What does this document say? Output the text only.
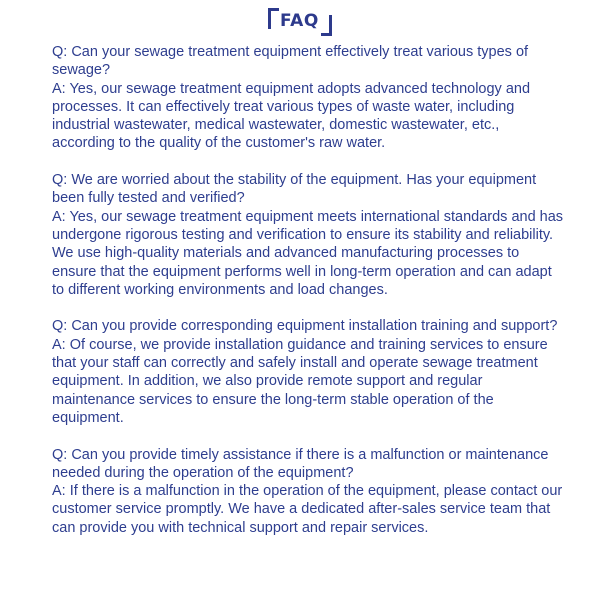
FAQ

Q: Can your sewage treatment equipment effectively treat various types of sewage?

A: Yes, our sewage treatment equipment adopts advanced technology and processes. It can effectively treat various types of waste water, including industrial wastewater, medical wastewater, domestic wastewater, etc., according to the quality of the customer's raw water.

Q: We are worried about the stability of the equipment. Has your equipment been fully tested and verified?

A: Yes, our sewage treatment equipment meets international standards and has undergone rigorous testing and verification to ensure its stability and reliability. We use high-quality materials and advanced manufacturing processes to ensure that the equipment performs well in long-term operation and can adapt to different working environments and load changes.

Q: Can you provide corresponding equipment installation training and support?

A: Of course, we provide installation guidance and training services to ensure that your staff can correctly and safely install and operate sewage treatment equipment. In addition, we also provide remote support and regular maintenance services to ensure the long-term stable operation of the equipment.

Q: Can you provide timely assistance if there is a malfunction or maintenance needed during the operation of the equipment?

A: If there is a malfunction in the operation of the equipment, please contact our customer service promptly. We have a dedicated after-sales service team that can provide you with technical support and repair services.
